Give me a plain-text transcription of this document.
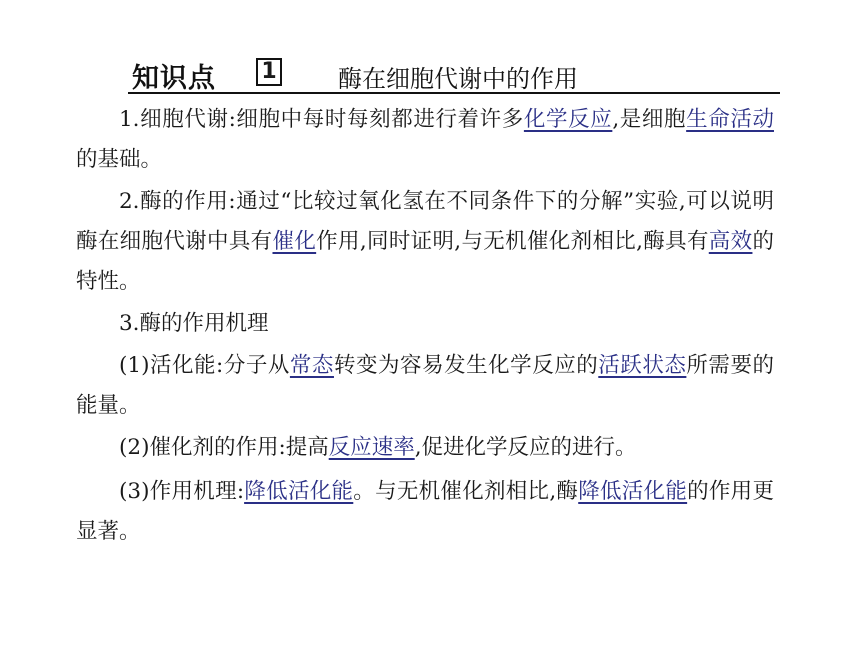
知识点 1	酶在细胞代谢中的作用

1.细胞代谢:细胞中每时每刻都进行着许多化学反应,是细胞生命活动的基础。

2.酶的作用:通过“比较过氧化氢在不同条件下的分解”实验,可以说明酶在细胞代谢中具有催化作用,同时证明,与无机催化剂相比,酶具有高效的特性。

3.酶的作用机理

(1)活化能:分子从常态转变为容易发生化学反应的活跃状态所需要的能量。

(2)催化剂的作用:提高反应速率,促进化学反应的进行。

(3)作用机理:降低活化能。与无机催化剂相比,酶降低活化能的作用更显著。
